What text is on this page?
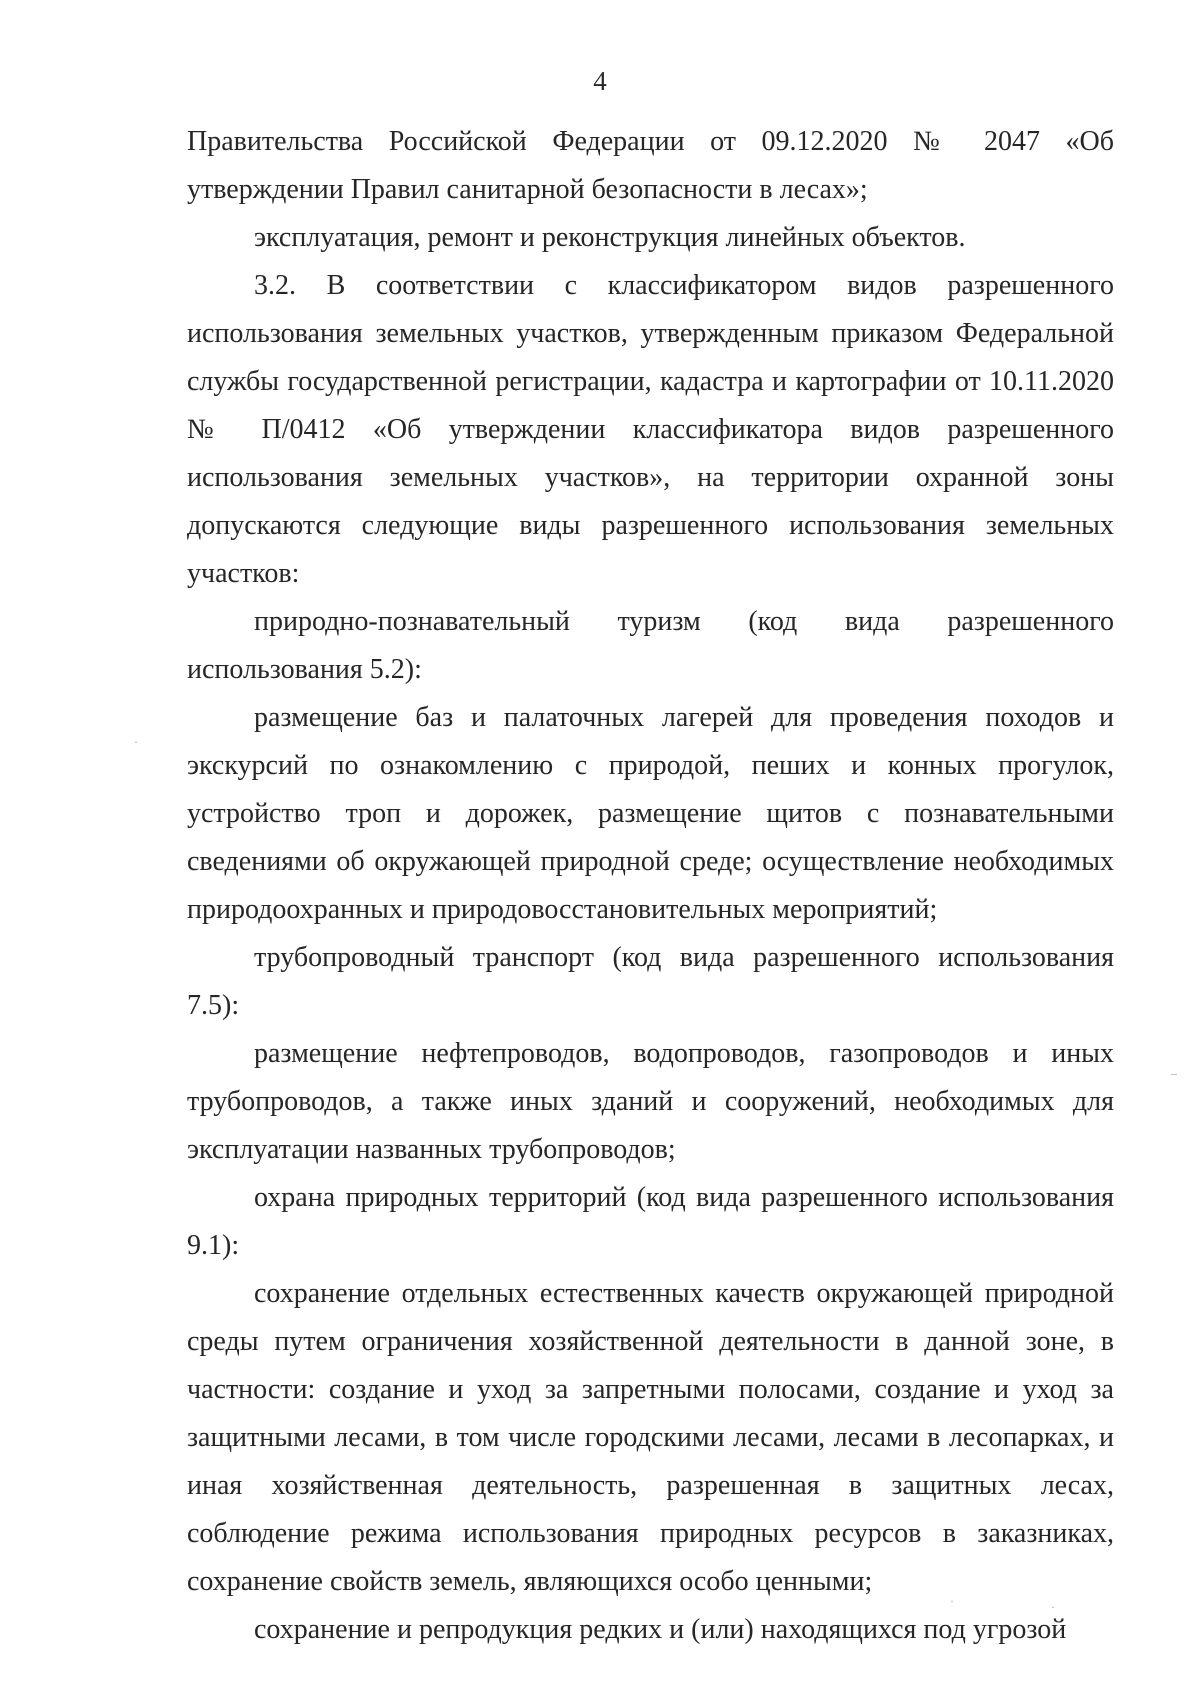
4

Правительства Российской Федерации от 09.12.2020 № 2047 «Об утверждении Правил санитарной безопасности в лесах»;

эксплуатация, ремонт и реконструкция линейных объектов.

3.2. В соответствии с классификатором видов разрешенного использования земельных участков, утвержденным приказом Федеральной службы государственной регистрации, кадастра и картографии от 10.11.2020 № П/0412 «Об утверждении классификатора видов разрешенного использования земельных участков», на территории охранной зоны допускаются следующие виды разрешенного использования земельных участков:

природно-познавательный туризм (код вида разрешенного использования 5.2):

размещение баз и палаточных лагерей для проведения походов и экскурсий по ознакомлению с природой, пеших и конных прогулок, устройство троп и дорожек, размещение щитов с познавательными сведениями об окружающей природной среде; осуществление необходимых природоохранных и природовосстановительных мероприятий;

трубопроводный транспорт (код вида разрешенного использования 7.5):

размещение нефтепроводов, водопроводов, газопроводов и иных трубопроводов, а также иных зданий и сооружений, необходимых для эксплуатации названных трубопроводов;

охрана природных территорий (код вида разрешенного использования 9.1):

сохранение отдельных естественных качеств окружающей природной среды путем ограничения хозяйственной деятельности в данной зоне, в частности: создание и уход за запретными полосами, создание и уход за защитными лесами, в том числе городскими лесами, лесами в лесопарках, и иная хозяйственная деятельность, разрешенная в защитных лесах, соблюдение режима использования природных ресурсов в заказниках, сохранение свойств земель, являющихся особо ценными;

сохранение и репродукция редких и (или) находящихся под угрозой

·
–
·	·
